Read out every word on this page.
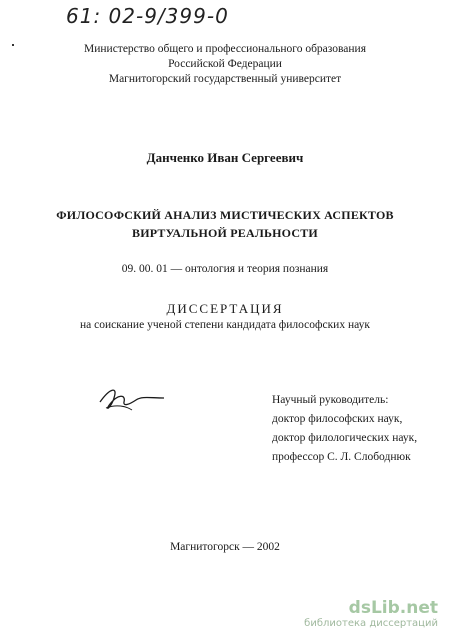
61: 02-9/399-0
Министерство общего и профессионального образования
Российской Федерации
Магнитогорский государственный университет
Данченко Иван Сергеевич
ФИЛОСОФСКИЙ АНАЛИЗ МИСТИЧЕСКИХ АСПЕКТОВ
ВИРТУАЛЬНОЙ РЕАЛЬНОСТИ
09. 00. 01 — онтология и теория познания
ДИССЕРТАЦИЯ
на соискание ученой степени кандидата философских наук
Научный руководитель:
доктор философских наук,
доктор филологических наук,
профессор С. Л. Слободнюк
Магнитогорск — 2002
dsLib.net
библиотека диссертаций
